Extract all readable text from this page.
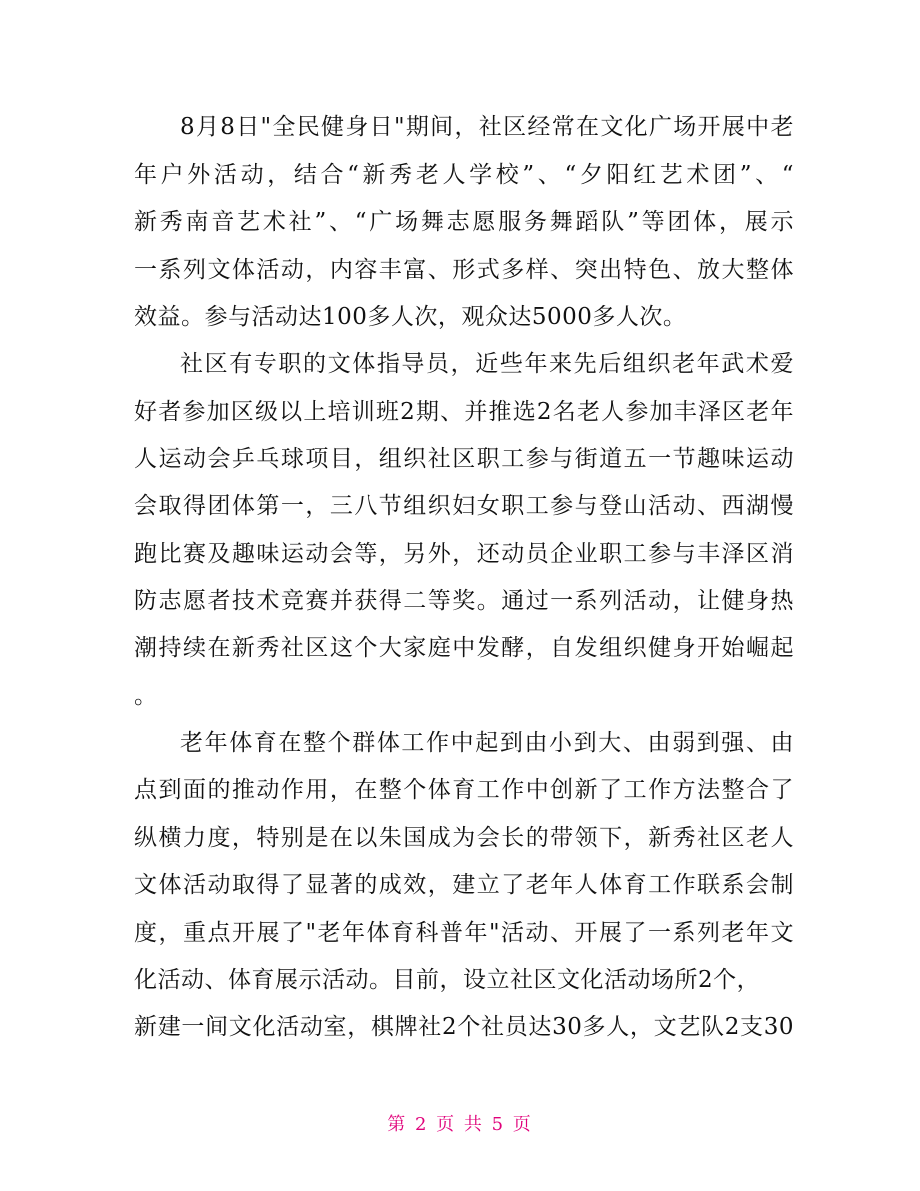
8月8日"全民健身日"期间，社区经常在文化广场开展中老
年户外活动，结合“新秀老人学校”、“夕阳红艺术团”、“
新秀南音艺术社”、“广场舞志愿服务舞蹈队”等团体，展示
一系列文体活动，内容丰富、形式多样、突出特色、放大整体
效益。参与活动达100多人次，观众达5000多人次。
社区有专职的文体指导员，近些年来先后组织老年武术爱
好者参加区级以上培训班2期、并推选2名老人参加丰泽区老年
人运动会乒乓球项目，组织社区职工参与街道五一节趣味运动
会取得团体第一，三八节组织妇女职工参与登山活动、西湖慢
跑比赛及趣味运动会等，另外，还动员企业职工参与丰泽区消
防志愿者技术竞赛并获得二等奖。通过一系列活动，让健身热
潮持续在新秀社区这个大家庭中发酵，自发组织健身开始崛起
。
老年体育在整个群体工作中起到由小到大、由弱到强、由
点到面的推动作用，在整个体育工作中创新了工作方法整合了
纵横力度，特别是在以朱国成为会长的带领下，新秀社区老人
文体活动取得了显著的成效，建立了老年人体育工作联系会制
度，重点开展了"老年体育科普年"活动、开展了一系列老年文
化活动、体育展示活动。目前，设立社区文化活动场所2个，
新建一间文化活动室，棋牌社2个社员达30多人，文艺队2支30
第 2 页 共 5 页
